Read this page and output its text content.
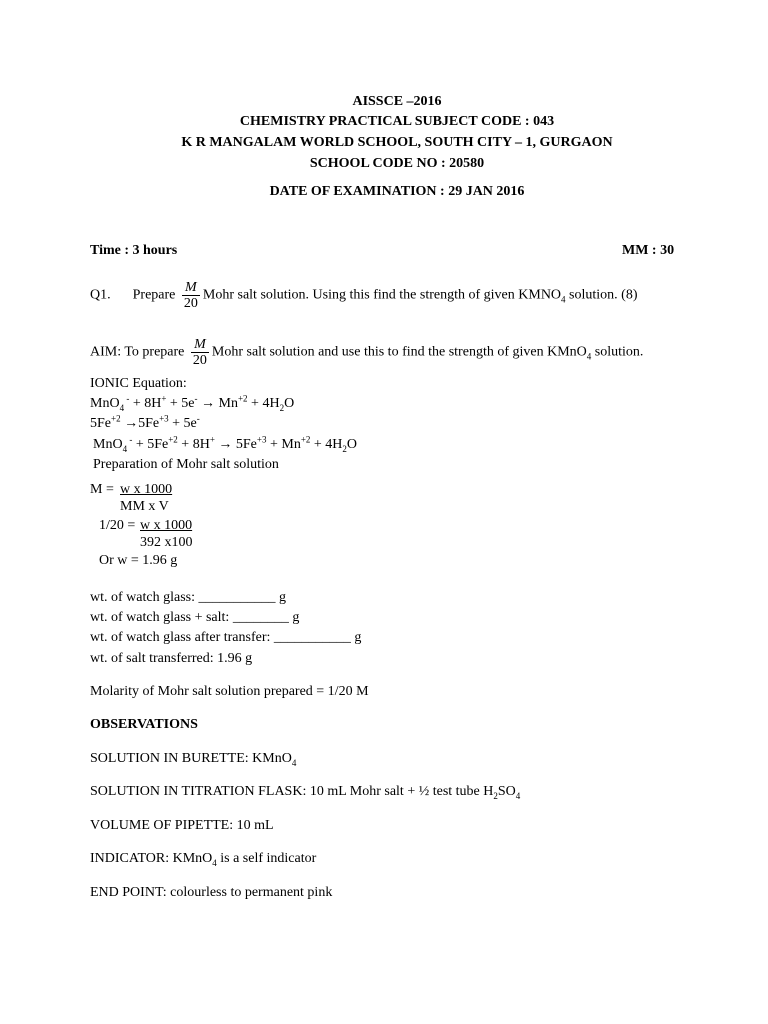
AISSCE –2016
CHEMISTRY PRACTICAL SUBJECT CODE : 043
K R MANGALAM WORLD SCHOOL, SOUTH CITY – 1, GURGAON
SCHOOL CODE NO : 20580
DATE OF EXAMINATION : 29 JAN 2016
Time : 3 hours	MM : 30
Q1. Prepare $\frac{M}{20}$ Mohr salt solution. Using this find the strength of given $KMNO_4$ solution. (8)
AIM: To prepare $\frac{M}{20}$ Mohr salt solution and use this to find the strength of given KMnO$_4$ solution.
IONIC Equation:
MnO$_4$ $^- + 8H^+ + 5e^- \to Mn^{+2} + 4H_2O$
$5Fe^{+2} \to 5Fe^{+3} + 5e^-$
MnO$_4$ $^- + 5Fe^{+2} + 8H^+ \to 5Fe^{+3} + Mn^{+2} + 4H_2O$
Preparation of Mohr salt solution
M = w x 1000
MM x V
1/20 = w x 1000
392 x100
Or w = 1.96 g
wt. of watch glass: ___________ g
wt. of watch glass + salt: ________ g
wt. of watch glass after transfer: ___________ g
wt. of salt transferred: 1.96 g
Molarity of Mohr salt solution prepared = 1/20 M
OBSERVATIONS
SOLUTION IN BURETTE: KMnO$_4$
SOLUTION IN TITRATION FLASK: 10 mL Mohr salt + ½ test tube $H_2SO_4$
VOLUME OF PIPETTE: 10 mL
INDICATOR: KMnO$_4$ is a self indicator
END POINT: colourless to permanent pink
